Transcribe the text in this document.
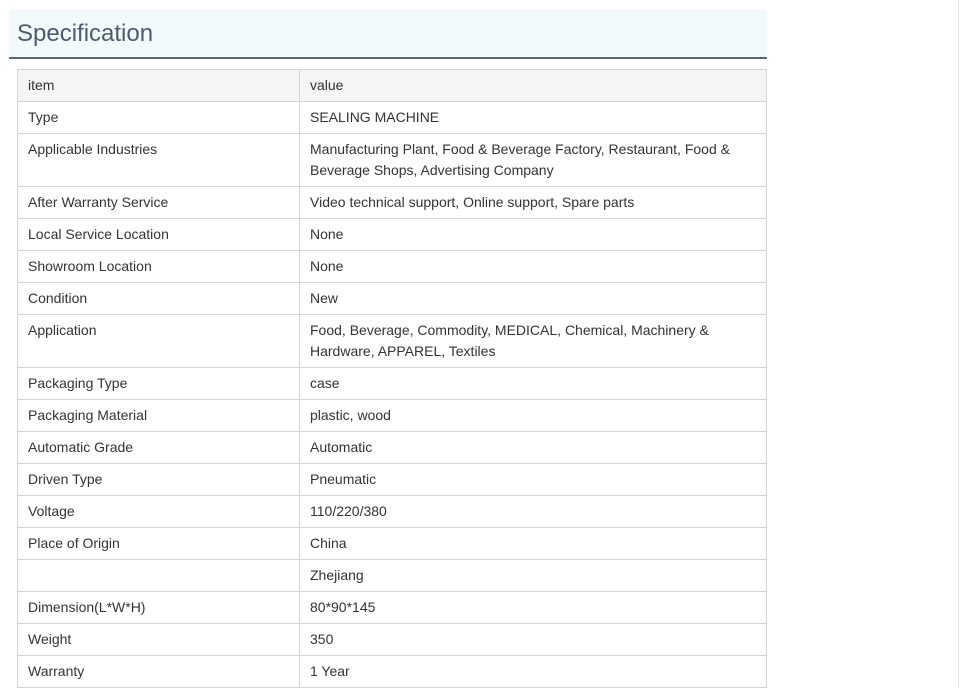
Specification
item	value
Type	SEALING MACHINE
Applicable Industries	Manufacturing Plant, Food & Beverage Factory, Restaurant, Food & Beverage Shops, Advertising Company
After Warranty Service	Video technical support, Online support, Spare parts
Local Service Location	None
Showroom Location	None
Condition	New
Application	Food, Beverage, Commodity, MEDICAL, Chemical, Machinery & Hardware, APPAREL, Textiles
Packaging Type	case
Packaging Material	plastic, wood
Automatic Grade	Automatic
Driven Type	Pneumatic
Voltage	110/220/380
Place of Origin	China
	Zhejiang
Dimension(L*W*H)	80*90*145
Weight	350
Warranty	1 Year
